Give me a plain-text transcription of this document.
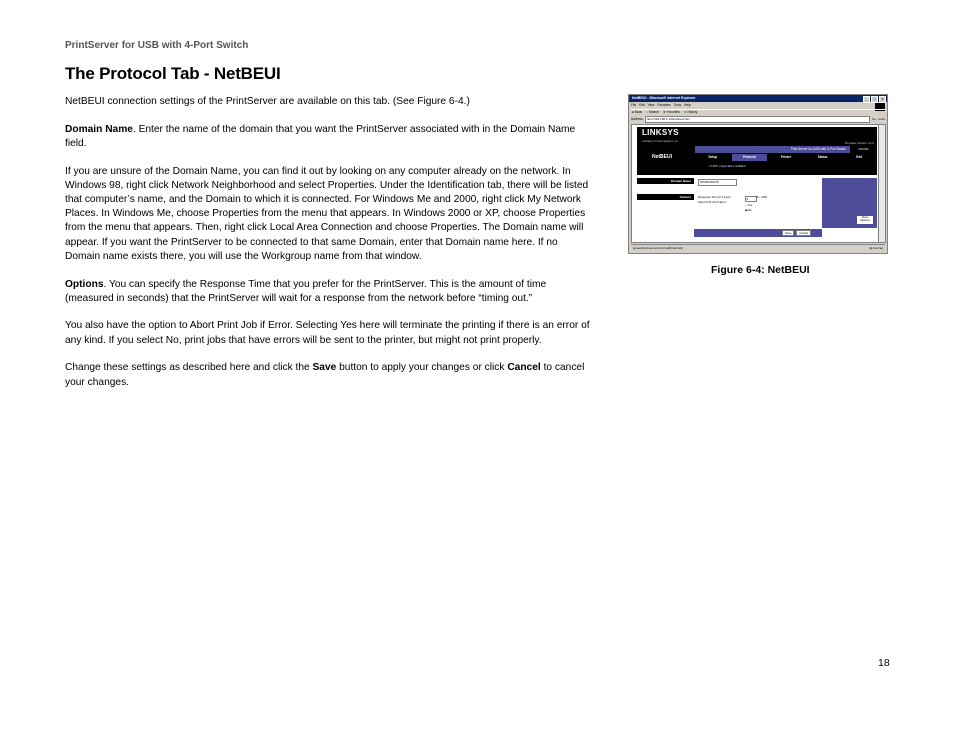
PrintServer for USB with 4-Port Switch
The Protocol Tab - NetBEUI

NetBEUI connection settings of the PrintServer are available on this tab. (See Figure 6-4.)

Domain Name. Enter the name of the domain that you want the PrintServer associated with in the Domain Name field.

If you are unsure of the Domain Name, you can find it out by looking on any computer already on the network. In Windows 98, right click Network Neighborhood and select Properties. Under the Identification tab, there will be listed that computer’s name, and the Domain to which it is connected. For Windows Me and 2000, right click My Network Places. In Windows Me, choose Properties from the menu that appears. In Windows 2000 or XP, choose Properties from the menu that appears. Then, right click Local Area Connection and choose Properties. The Domain name will appear. If you want the PrintServer to be connected to that same Domain, enter that Domain name here. If no Domain name exists there, you will use the Workgroup name from that window.

Options. You can specify the Response Time that you prefer for the PrintServer. This is the amount of time (measured in seconds) that the PrintServer will wait for a response from the network before “timing out.”

You also have the option to Abort Print Job if Error. Selecting Yes here will terminate the printing if there is an error of any kind. If you select No, print jobs that have errors will be sent to the printer, but might not print properly.

Change these settings as described here and click the Save button to apply your changes or click Cancel to cancel your changes.

NetBEUI - Microsoft Internet Explorer	_	□	×
File Edit View Favorites Tools Help
◄ Back ⌕ Search ★ Favorites ◷ History
Address	http://192.168.1.100/netbeui.htm	Go Links
LINKSYS
A Division of Cisco Systems, Inc.	Firmware Version: V2.0
NetBEUI
Print Server for USB with 4-Port Switch	PSUS4
Setup	Protocol	Printer	Status	Exit
TCP/IP | AppleTalk | NetBEUI
Domain Name
Options
WORKGROUP
Response Time (0.1 secs):	5	(5 ~ 255)
Abort Print Job If Error:
○ Yes
◉ No
Cisco Systems
Save	Cancel
javascript:document.forms[0].submit()	◍ Internet
Figure 6-4: NetBEUI
18
